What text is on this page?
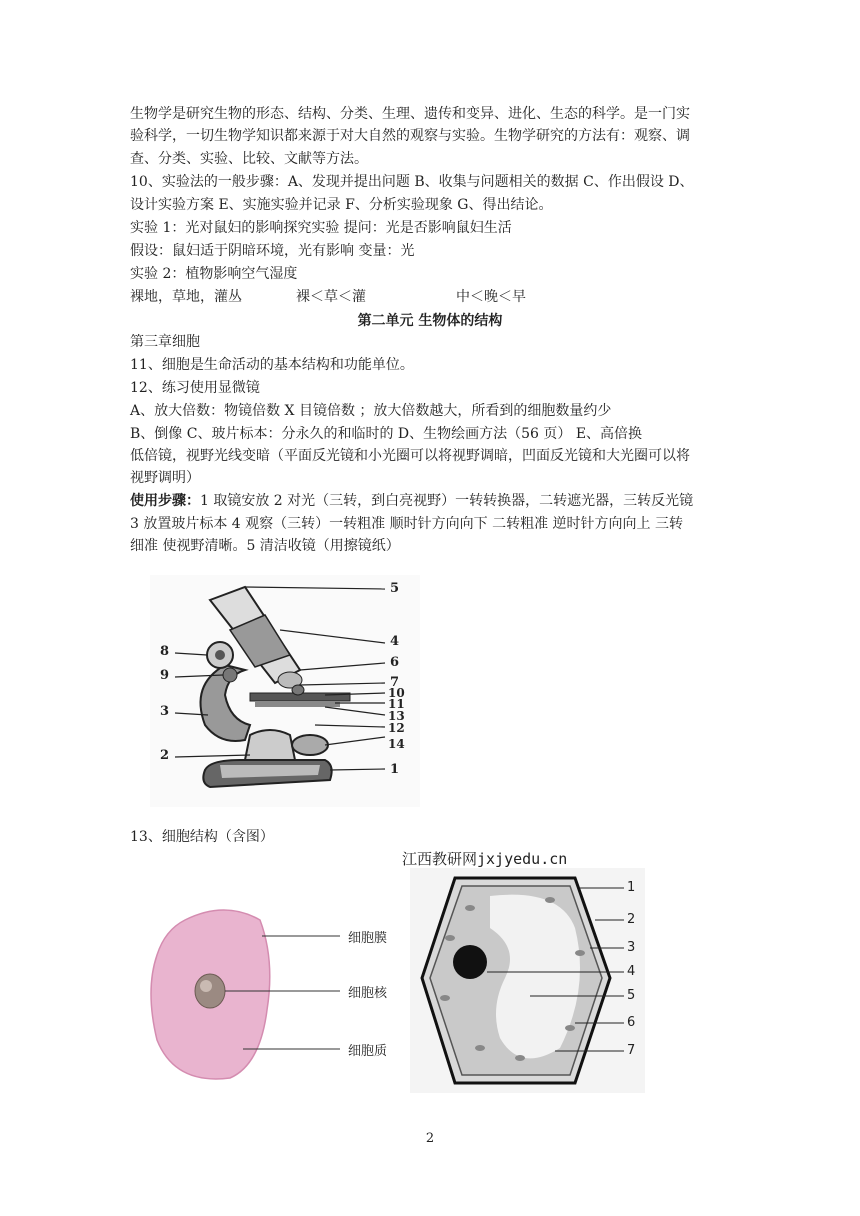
生物学是研究生物的形态、结构、分类、生理、遗传和变异、进化、生态的科学。是一门实
验科学，一切生物学知识都来源于对大自然的观察与实验。生物学研究的方法有：观察、调
查、分类、实验、比较、文献等方法。
10、实验法的一般步骤：A、发现并提出问题 B、收集与问题相关的数据 C、作出假设 D、
设计实验方案 E、实施实验并记录 F、分析实验现象 G、得出结论。
实验 1：光对鼠妇的影响探究实验 提问：光是否影响鼠妇生活
假设：鼠妇适于阴暗环境，光有影响 变量：光
实验 2：植物影响空气湿度
裸地，草地，灌丛	裸＜草＜灌	中＜晚＜早
第二单元 生物体的结构
第三章细胞
11、细胞是生命活动的基本结构和功能单位。
12、练习使用显微镜
A、放大倍数：物镜倍数 X 目镜倍数 ；放大倍数越大，所看到的细胞数量约少
B、倒像 C、玻片标本：分永久的和临时的 D、生物绘画方法（56 页） E、高倍换
低倍镜，视野光线变暗（平面反光镜和小光圈可以将视野调暗，凹面反光镜和大光圈可以将
视野调明）
使用步骤：1 取镜安放 2 对光（三转，到白亮视野）一转转换器，二转遮光器，三转反光镜
3 放置玻片标本 4 观察（三转）一转粗准 顺时针方向向下 二转粗准 逆时针方向向上 三转
细准 使视野清晰。5 清洁收镜（用擦镜纸）
5
4
6
7
10
11
13
12
14
1
8
9
3
2
13、细胞结构（含图）
江西教研网jxjyedu.cn
细胞膜
细胞核
细胞质
1
2
3
4
5
6
7
2
